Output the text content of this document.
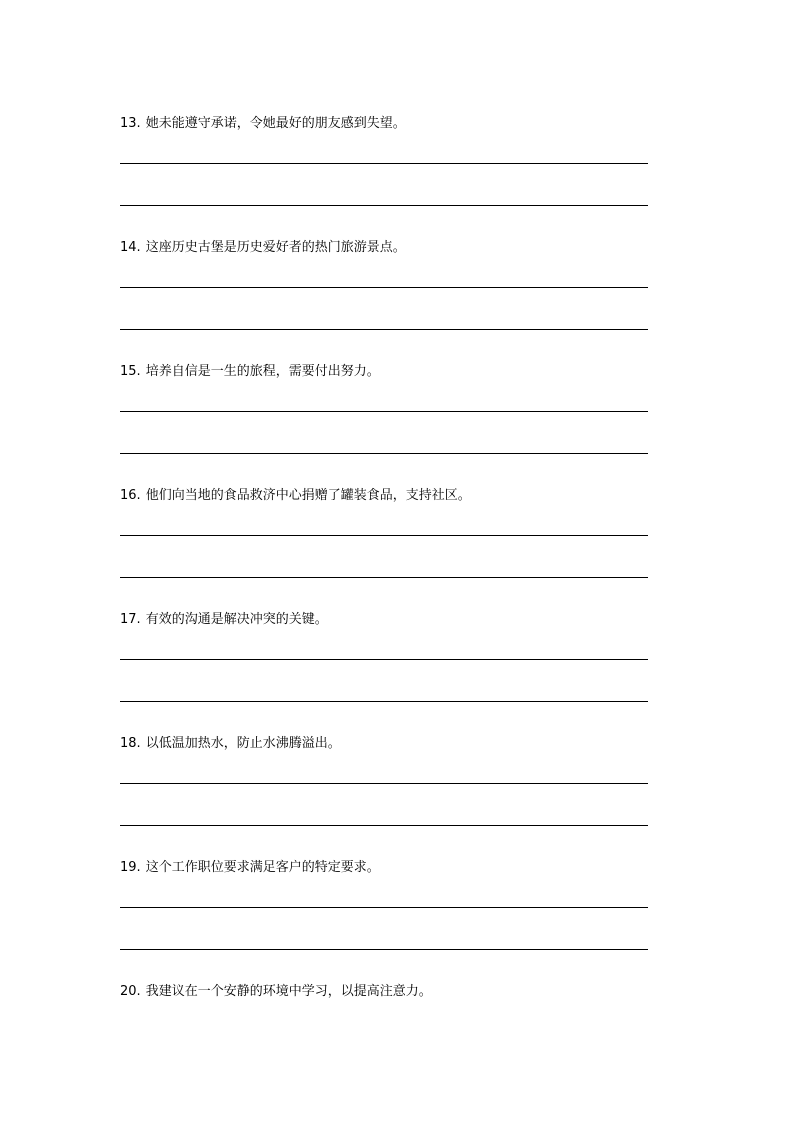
13. 她未能遵守承诺，令她最好的朋友感到失望。
14. 这座历史古堡是历史爱好者的热门旅游景点。
15. 培养自信是一生的旅程，需要付出努力。
16. 他们向当地的食品救济中心捐赠了罐装食品，支持社区。
17. 有效的沟通是解决冲突的关键。
18. 以低温加热水，防止水沸腾溢出。
19. 这个工作职位要求满足客户的特定要求。
20. 我建议在一个安静的环境中学习，以提高注意力。
